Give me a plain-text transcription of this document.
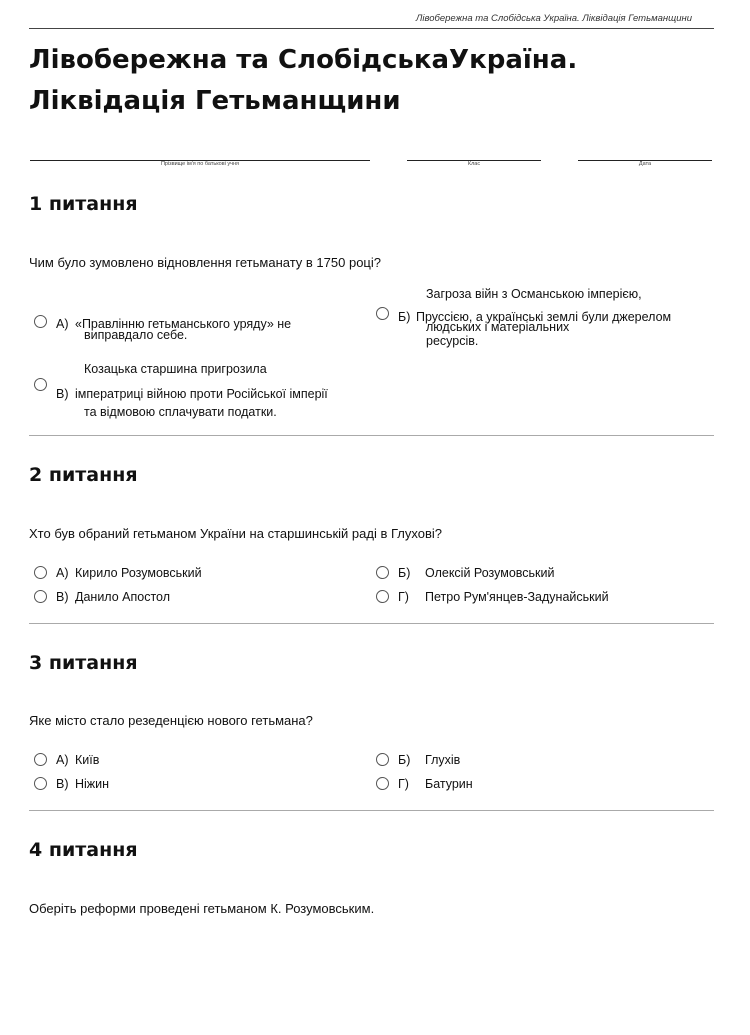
Лівобережна та Слобідська Україна. Ліквідація Гетьманщини
Лівобережна та СлобідськаУкраїна.
Ліквідація Гетьманщини
Прізвище ім'я по батькові учня	Клас	Дата
1 питання
Чим було зумовлено відновлення гетьманату в 1750 році?
А) «Правлінню гетьманського уряду» не
виправдало себе.
Загроза війн з Османською імперією,
Б) Пруссією, а українські землі були джерелом
людських і матеріальних
ресурсів.
Козацька старшина пригрозила
В) імператриці війною проти Російської імперії
та відмовою сплачувати податки.
2 питання
Хто був обраний гетьманом України на старшинській раді в Глухові?
А) Кирило Розумовський	Б) Олексій Розумовський
В) Данило Апостол	Г) Петро Рум'янцев-Задунайський
3 питання
Яке місто стало резеденцією нового гетьмана?
А) Київ	Б) Глухів
В) Ніжин	Г) Батурин
4 питання
Оберіть реформи проведені гетьманом К. Розумовським.
